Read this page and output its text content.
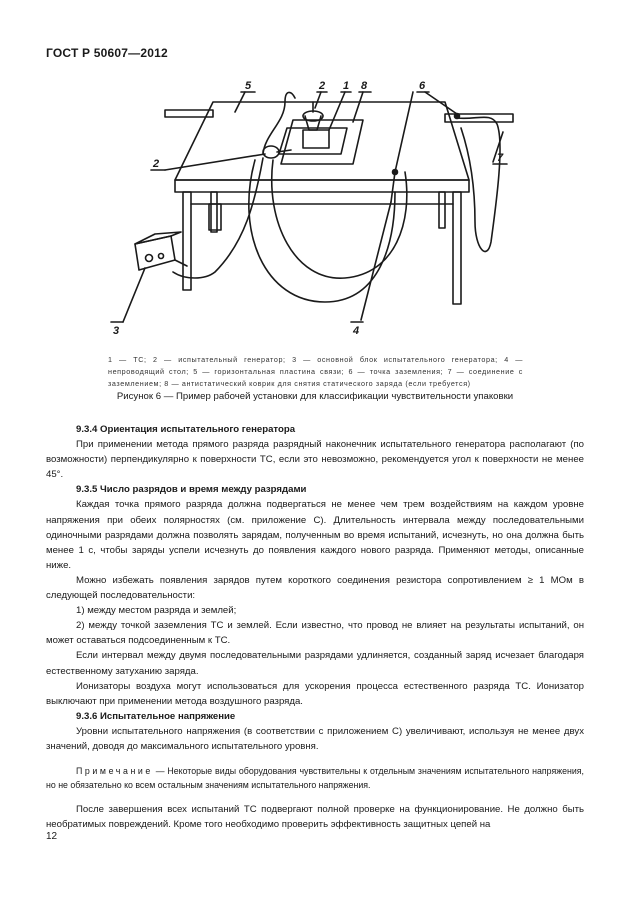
ГОСТ Р 50607—2012
5	2 1 8	6
2	7
3	4
1 — ТС; 2 — испытательный генератор; 3 — основной блок испытательного генератора; 4 — непроводящий стол; 5 — горизонтальная пластина связи; 6 — точка заземления; 7 — соединение с заземлением; 8 — антистатический коврик для снятия статического заряда (если требуется)
Рисунок 6 — Пример рабочей установки для классификации чувствительности упаковки

9.3.4 Ориентация испытательного генератора

При применении метода прямого разряда разрядный наконечник испытательного генератора располагают (по возможности) перпендикулярно к поверхности ТС, если это невозможно, рекомендуется угол к поверхности не менее 45°.

9.3.5 Число разрядов и время между разрядами

Каждая точка прямого разряда должна подвергаться не менее чем трем воздействиям на каждом уровне напряжения при обеих полярностях (см. приложение С). Длительность интервала между последовательными одиночными разрядами должна позволять зарядам, полученным во время испытаний, исчезнуть, но она должна быть менее 1 с, чтобы заряды успели исчезнуть до появления каждого нового разряда. Применяют методы, описанные ниже.

Можно избежать появления зарядов путем короткого соединения резистора сопротивлением ≥ 1 МОм в следующей последовательности:

1) между местом разряда и землей;

2) между точкой заземления ТС и землей. Если известно, что провод не влияет на результаты испытаний, он может оставаться подсоединенным к ТС.

Если интервал между двумя последовательными разрядами удлиняется, созданный заряд исчезает благодаря естественному затуханию заряда.

Ионизаторы воздуха могут использоваться для ускорения процесса естественного разряда ТС. Ионизатор выключают при применении метода воздушного разряда.

9.3.6 Испытательное напряжение

Уровни испытательного напряжения (в соответствии с приложением С) увеличивают, используя не менее двух значений, доводя до максимального испытательного уровня.

Примечание — Некоторые виды оборудования чувствительны к отдельным значениям испытательного напряжения, но не обязательно ко всем остальным значениям испытательного напряжения.

После завершения всех испытаний ТС подвергают полной проверке на функционирование. Не должно быть необратимых повреждений. Кроме того необходимо проверить эффективность защитных цепей на

12
